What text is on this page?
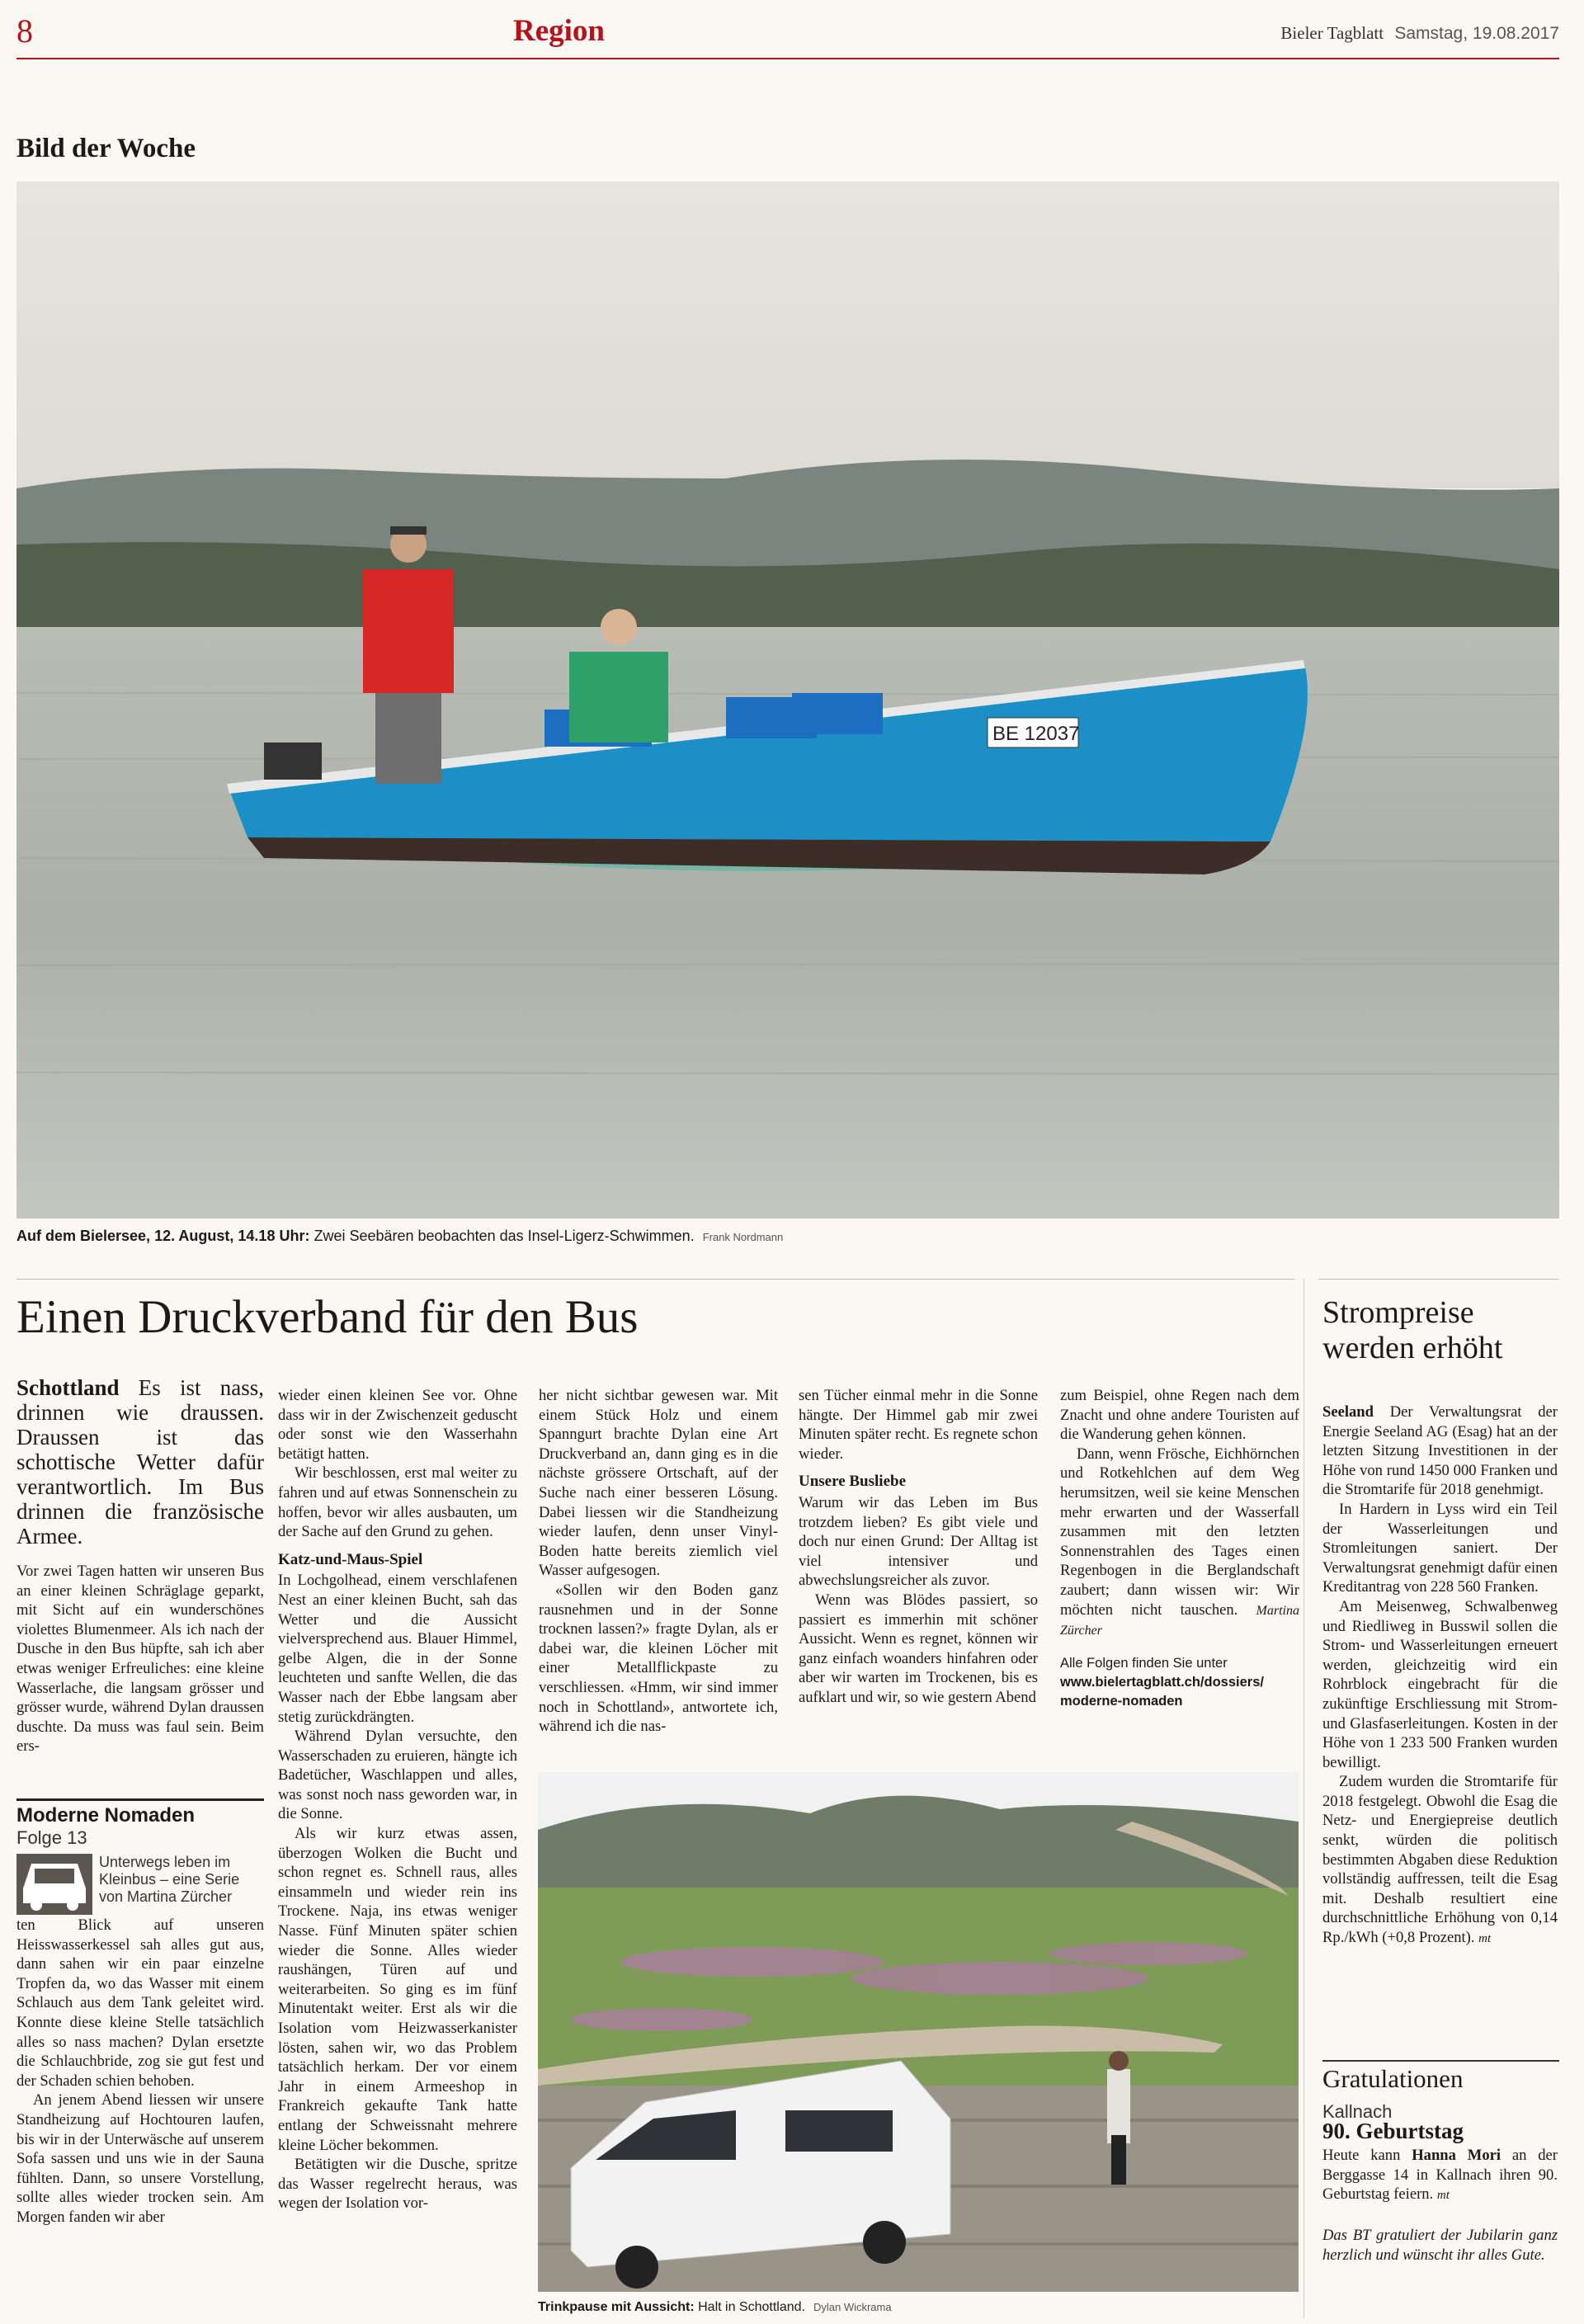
8	Region	Bieler Tagblatt Samstag, 19.08.2017
Bild der Woche
BE 12037
Auf dem Bielersee, 12. August, 14.18 Uhr: Zwei Seebären beobachten das Insel-Ligerz-Schwimmen. Frank Nordmann
Einen Druckverband für den Bus
Schottland Es ist nass, drinnen wie draussen. Draussen ist das schottische Wetter dafür verantwortlich. Im Bus drinnen die französische Armee.

Vor zwei Tagen hatten wir unseren Bus an einer kleinen Schräglage geparkt, mit Sicht auf ein wunderschönes violettes Blumenmeer. Als ich nach der Dusche in den Bus hüpfte, sah ich aber etwas weniger Erfreuliches: eine kleine Wasserlache, die langsam grösser und grösser wurde, während Dylan draussen duschte. Da muss was faul sein. Beim ers-

Moderne Nomaden
Folge 13
Unterwegs leben im Kleinbus – eine Serie von Martina Zürcher

ten Blick auf unseren Heisswasserkessel sah alles gut aus, dann sahen wir ein paar einzelne Tropfen da, wo das Wasser mit einem Schlauch aus dem Tank geleitet wird. Konnte diese kleine Stelle tatsächlich alles so nass machen? Dylan ersetzte die Schlauchbride, zog sie gut fest und der Schaden schien behoben.

An jenem Abend liessen wir unsere Standheizung auf Hochtouren laufen, bis wir in der Unterwäsche auf unserem Sofa sassen und uns wie in der Sauna fühlten. Dann, so unsere Vorstellung, sollte alles wieder trocken sein. Am Morgen fanden wir aber

wieder einen kleinen See vor. Ohne dass wir in der Zwischenzeit geduscht oder sonst wie den Wasserhahn betätigt hatten.

Wir beschlossen, erst mal weiter zu fahren und auf etwas Sonnenschein zu hoffen, bevor wir alles ausbauten, um der Sache auf den Grund zu gehen.

Katz-und-Maus-Spiel

In Lochgolhead, einem verschlafenen Nest an einer kleinen Bucht, sah das Wetter und die Aussicht vielversprechend aus. Blauer Himmel, gelbe Algen, die in der Sonne leuchteten und sanfte Wellen, die das Wasser nach der Ebbe langsam aber stetig zurückdrängten.

Während Dylan versuchte, den Wasserschaden zu eruieren, hängte ich Badetücher, Waschlappen und alles, was sonst noch nass geworden war, in die Sonne.

Als wir kurz etwas assen, überzogen Wolken die Bucht und schon regnet es. Schnell raus, alles einsammeln und wieder rein ins Trockene. Naja, ins etwas weniger Nasse. Fünf Minuten später schien wieder die Sonne. Alles wieder raushängen, Türen auf und weiterarbeiten. So ging es im fünf Minutentakt weiter. Erst als wir die Isolation vom Heizwasserkanister lösten, sahen wir, wo das Problem tatsächlich herkam. Der vor einem Jahr in einem Armeeshop in Frankreich gekaufte Tank hatte entlang der Schweissnaht mehrere kleine Löcher bekommen.

Betätigten wir die Dusche, spritze das Wasser regelrecht heraus, was wegen der Isolation vor-

her nicht sichtbar gewesen war. Mit einem Stück Holz und einem Spanngurt brachte Dylan eine Art Druckverband an, dann ging es in die nächste grössere Ortschaft, auf der Suche nach einer besseren Lösung. Dabei liessen wir die Standheizung wieder laufen, denn unser Vinyl-Boden hatte bereits ziemlich viel Wasser aufgesogen.

«Sollen wir den Boden ganz rausnehmen und in der Sonne trocknen lassen?» fragte Dylan, als er dabei war, die kleinen Löcher mit einer Metallflickpaste zu verschliessen. «Hmm, wir sind immer noch in Schottland», antwortete ich, während ich die nas-

sen Tücher einmal mehr in die Sonne hängte. Der Himmel gab mir zwei Minuten später recht. Es regnete schon wieder.

Unsere Busliebe

Warum wir das Leben im Bus trotzdem lieben? Es gibt viele und doch nur einen Grund: Der Alltag ist viel intensiver und abwechslungsreicher als zuvor.

Wenn was Blödes passiert, so passiert es immerhin mit schöner Aussicht. Wenn es regnet, können wir ganz einfach woanders hinfahren oder aber wir warten im Trockenen, bis es aufklart und wir, so wie gestern Abend

zum Beispiel, ohne Regen nach dem Znacht und ohne andere Touristen auf die Wanderung gehen können.

Dann, wenn Frösche, Eichhörnchen und Rotkehlchen auf dem Weg herumsitzen, weil sie keine Menschen mehr erwarten und der Wasserfall zusammen mit den letzten Sonnenstrahlen des Tages einen Regenbogen in die Berglandschaft zaubert; dann wissen wir: Wir möchten nicht tauschen. Martina Zürcher

Alle Folgen finden Sie unter
www.bielertagblatt.ch/dossiers/ moderne-nomaden
Trinkpause mit Aussicht: Halt in Schottland. Dylan Wickrama
Strompreise werden erhöht

Seeland Der Verwaltungsrat der Energie Seeland AG (Esag) hat an der letzten Sitzung Investitionen in der Höhe von rund 1450 000 Franken und die Stromtarife für 2018 genehmigt.

In Hardern in Lyss wird ein Teil der Wasserleitungen und Stromleitungen saniert. Der Verwaltungsrat genehmigt dafür einen Kreditantrag von 228 560 Franken.

Am Meisenweg, Schwalbenweg und Riedliweg in Busswil sollen die Strom- und Wasserleitungen erneuert werden, gleichzeitig wird ein Rohrblock eingebracht für die zukünftige Erschliessung mit Strom- und Glasfaserleitungen. Kosten in der Höhe von 1 233 500 Franken wurden bewilligt.

Zudem wurden die Stromtarife für 2018 festgelegt. Obwohl die Esag die Netz- und Energiepreise deutlich senkt, würden die politisch bestimmten Abgaben diese Reduktion vollständig auffressen, teilt die Esag mit. Deshalb resultiert eine durchschnittliche Erhöhung von 0,14 Rp./kWh (+0,8 Prozent). mt

Gratulationen
Kallnach
90. Geburtstag

Heute kann Hanna Mori an der Berggasse 14 in Kallnach ihren 90. Geburtstag feiern. mt

Das BT gratuliert der Jubilarin ganz herzlich und wünscht ihr alles Gute.
